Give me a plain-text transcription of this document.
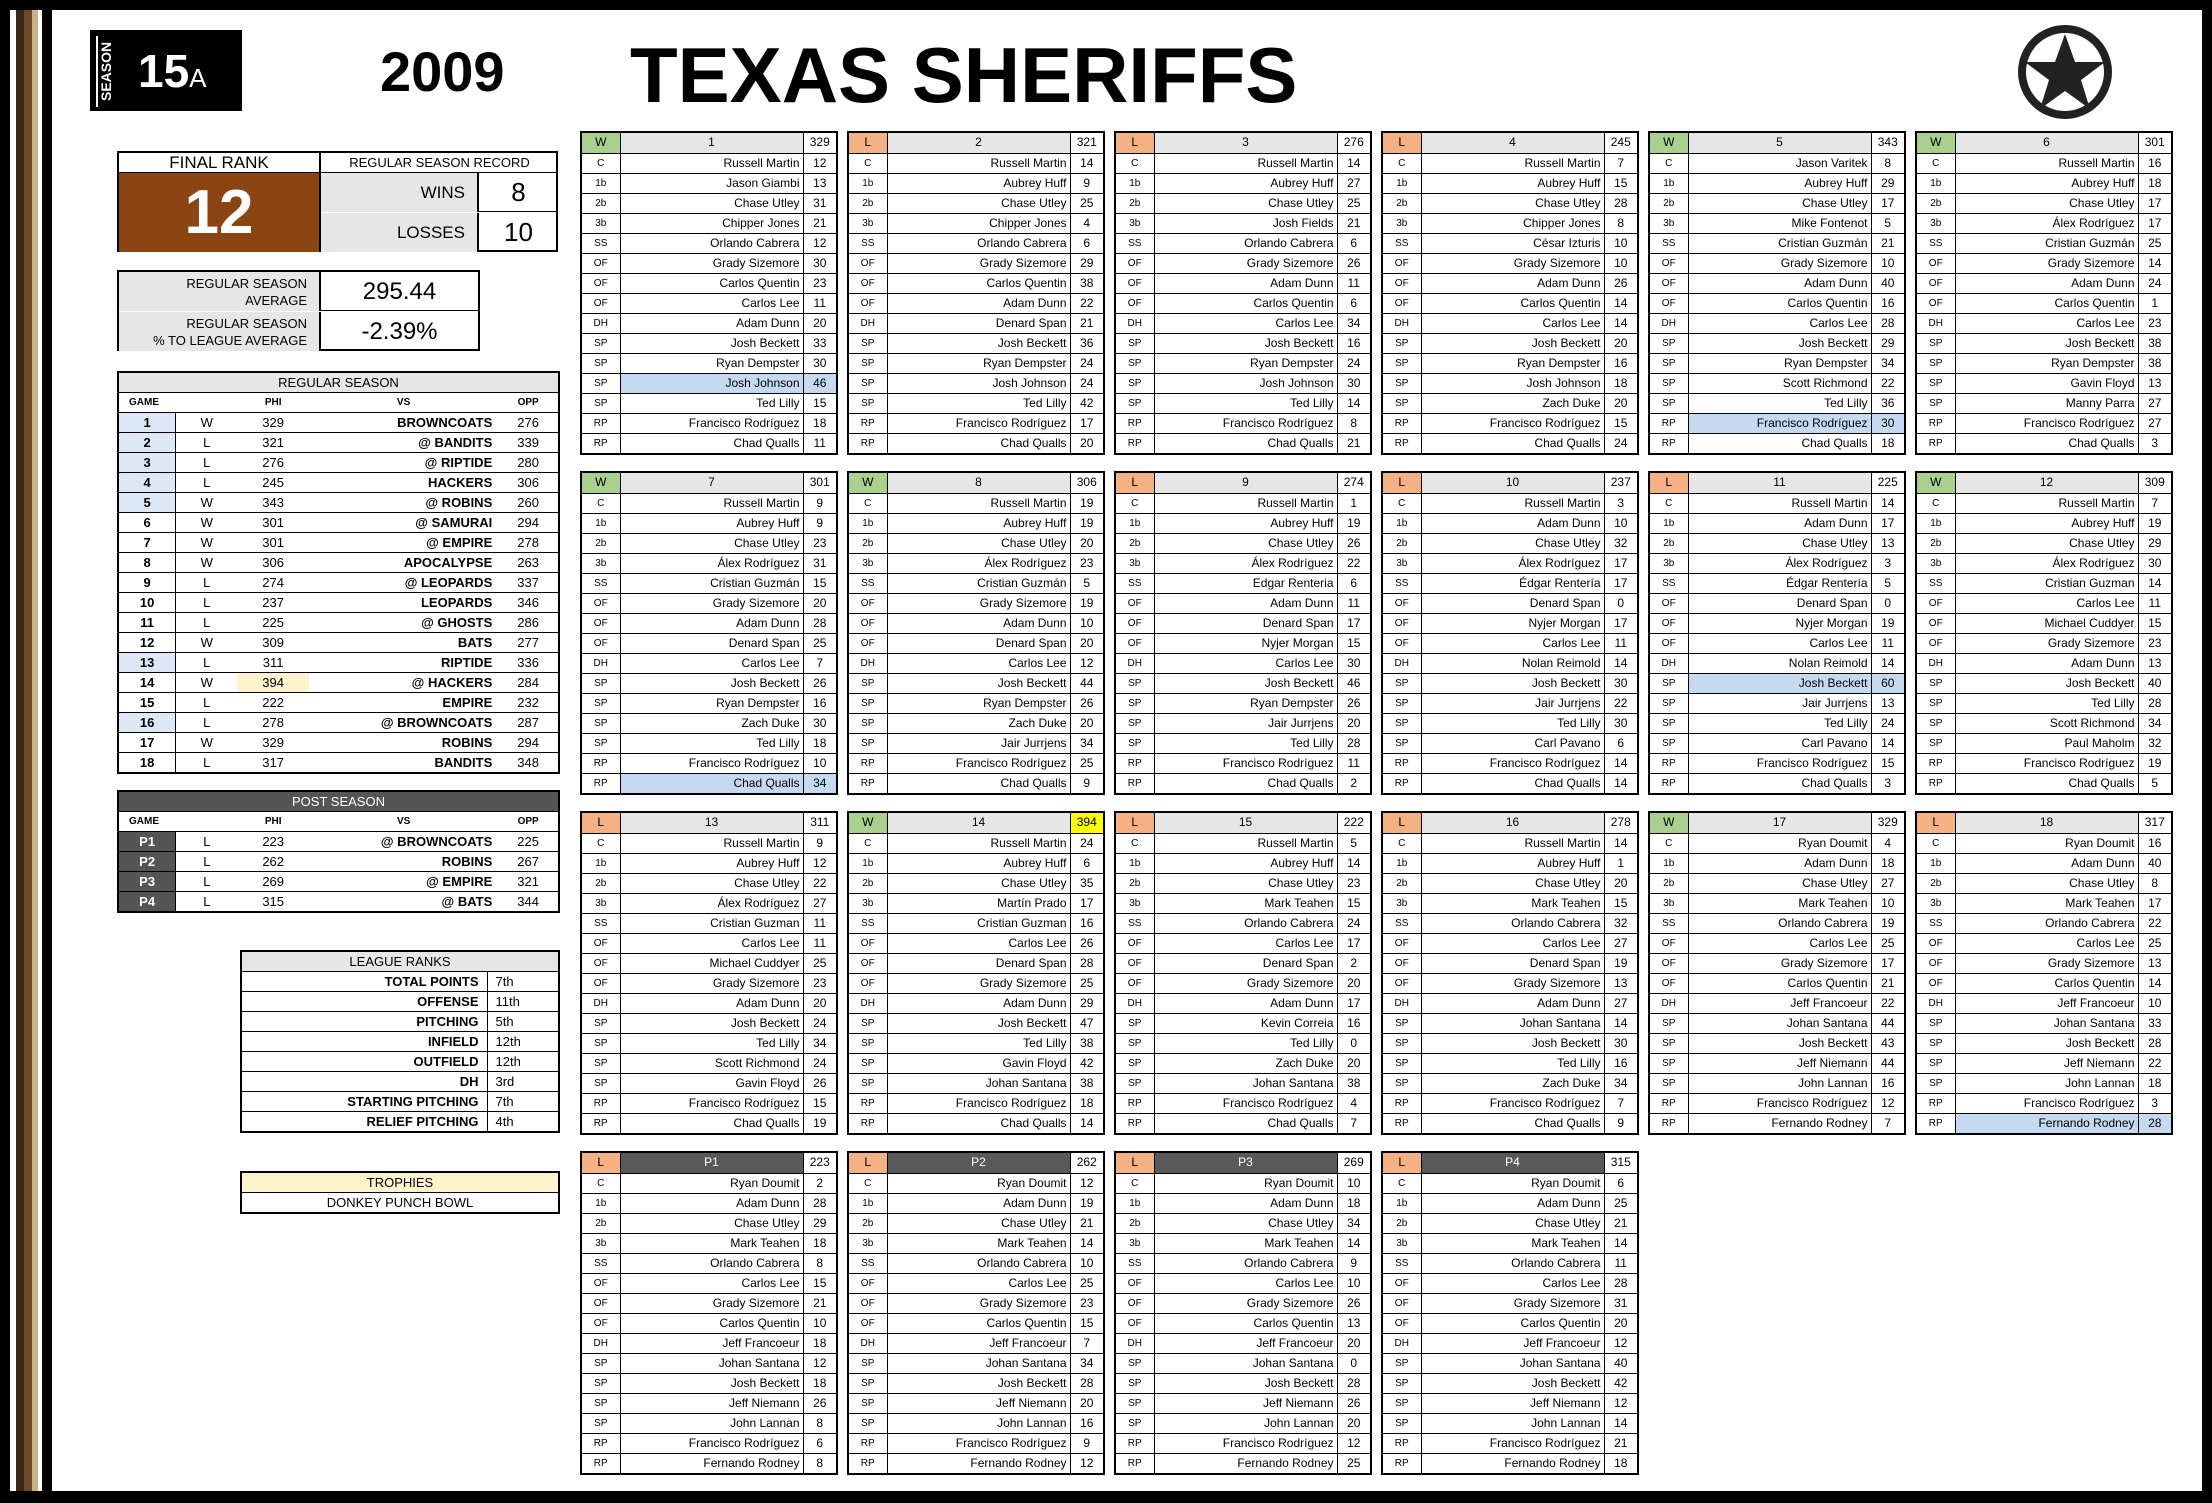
SEASON 15A	2009 TEXAS SHERIFFS
FINAL RANK
12
REGULAR SEASON RECORD
WINS	8
LOSSES	10
REGULAR SEASON
AVERAGE	295.44
REGULAR SEASON
% TO LEAGUE AVERAGE	-2.39%
REGULAR SEASON				
GAME		PHI	VS	OPP
1	W	329	BROWNCOATS	276
2	L	321	@ BANDITS	339
3	L	276	@ RIPTIDE	280
4	L	245	HACKERS	306
5	W	343	@ ROBINS	260
6	W	301	@ SAMURAI	294
7	W	301	@ EMPIRE	278
8	W	306	APOCALYPSE	263
9	L	274	@ LEOPARDS	337
10	L	237	LEOPARDS	346
11	L	225	@ GHOSTS	286
12	W	309	BATS	277
13	L	311	RIPTIDE	336
14	W	394	@ HACKERS	284
15	L	222	EMPIRE	232
16	L	278	@ BROWNCOATS	287
17	W	329	ROBINS	294
18	L	317	BANDITS	348
POST SEASON				
GAME		PHI	VS	OPP
P1	L	223	@ BROWNCOATS	225
P2	L	262	ROBINS	267
P3	L	269	@ EMPIRE	321
P4	L	315	@ BATS	344
LEAGUE RANKS	
TOTAL POINTS	7th
OFFENSE	11th
PITCHING	5th
INFIELD	12th
OUTFIELD	12th
DH	3rd
STARTING PITCHING	7th
RELIEF PITCHING	4th
TROPHIES
DONKEY PUNCH BOWL
W	1	329
C	Russell Martin	12
1b	Jason Giambi	13
2b	Chase Utley	31
3b	Chipper Jones	21
SS	Orlando Cabrera	12
OF	Grady Sizemore	30
OF	Carlos Quentin	23
OF	Carlos Lee	11
DH	Adam Dunn	20
SP	Josh Beckett	33
SP	Ryan Dempster	30
SP	Josh Johnson	46
SP	Ted Lilly	15
RP	Francisco Rodríguez	18
RP	Chad Qualls	11
L	2	321
C	Russell Martin	14
1b	Aubrey Huff	9
2b	Chase Utley	25
3b	Chipper Jones	4
SS	Orlando Cabrera	6
OF	Grady Sizemore	29
OF	Carlos Quentin	38
OF	Adam Dunn	22
DH	Denard Span	21
SP	Josh Beckett	36
SP	Ryan Dempster	24
SP	Josh Johnson	24
SP	Ted Lilly	42
RP	Francisco Rodríguez	17
RP	Chad Qualls	20
L	3	276
C	Russell Martin	14
1b	Aubrey Huff	27
2b	Chase Utley	25
3b	Josh Fields	21
SS	Orlando Cabrera	6
OF	Grady Sizemore	26
OF	Adam Dunn	11
OF	Carlos Quentin	6
DH	Carlos Lee	34
SP	Josh Beckett	16
SP	Ryan Dempster	24
SP	Josh Johnson	30
SP	Ted Lilly	14
RP	Francisco Rodríguez	8
RP	Chad Qualls	21
L	4	245
C	Russell Martin	7
1b	Aubrey Huff	15
2b	Chase Utley	28
3b	Chipper Jones	8
SS	César Izturis	10
OF	Grady Sizemore	10
OF	Adam Dunn	26
OF	Carlos Quentin	14
DH	Carlos Lee	14
SP	Josh Beckett	20
SP	Ryan Dempster	16
SP	Josh Johnson	18
SP	Zach Duke	20
RP	Francisco Rodríguez	15
RP	Chad Qualls	24
W	5	343
C	Jason Varitek	8
1b	Aubrey Huff	29
2b	Chase Utley	17
3b	Mike Fontenot	5
SS	Cristian Guzmán	21
OF	Grady Sizemore	10
OF	Adam Dunn	40
OF	Carlos Quentin	16
DH	Carlos Lee	28
SP	Josh Beckett	29
SP	Ryan Dempster	34
SP	Scott Richmond	22
SP	Ted Lilly	36
RP	Francisco Rodríguez	30
RP	Chad Qualls	18
W	6	301
C	Russell Martin	16
1b	Aubrey Huff	18
2b	Chase Utley	17
3b	Álex Rodríguez	17
SS	Cristian Guzmán	25
OF	Grady Sizemore	14
OF	Adam Dunn	24
OF	Carlos Quentin	1
DH	Carlos Lee	23
SP	Josh Beckett	38
SP	Ryan Dempster	38
SP	Gavin Floyd	13
SP	Manny Parra	27
RP	Francisco Rodríguez	27
RP	Chad Qualls	3
W	7	301
C	Russell Martin	9
1b	Aubrey Huff	9
2b	Chase Utley	23
3b	Álex Rodríguez	31
SS	Cristian Guzmán	15
OF	Grady Sizemore	20
OF	Adam Dunn	28
OF	Denard Span	25
DH	Carlos Lee	7
SP	Josh Beckett	26
SP	Ryan Dempster	16
SP	Zach Duke	30
SP	Ted Lilly	18
RP	Francisco Rodríguez	10
RP	Chad Qualls	34
W	8	306
C	Russell Martin	19
1b	Aubrey Huff	19
2b	Chase Utley	20
3b	Álex Rodríguez	23
SS	Cristian Guzmán	5
OF	Grady Sizemore	19
OF	Adam Dunn	10
OF	Denard Span	20
DH	Carlos Lee	12
SP	Josh Beckett	44
SP	Ryan Dempster	26
SP	Zach Duke	20
SP	Jair Jurrjens	34
RP	Francisco Rodríguez	25
RP	Chad Qualls	9
L	9	274
C	Russell Martin	1
1b	Aubrey Huff	19
2b	Chase Utley	26
3b	Álex Rodríguez	22
SS	Edgar Renteria	6
OF	Adam Dunn	11
OF	Denard Span	17
OF	Nyjer Morgan	15
DH	Carlos Lee	30
SP	Josh Beckett	46
SP	Ryan Dempster	26
SP	Jair Jurrjens	20
SP	Ted Lilly	28
RP	Francisco Rodríguez	11
RP	Chad Qualls	2
L	10	237
C	Russell Martin	3
1b	Adam Dunn	10
2b	Chase Utley	32
3b	Álex Rodríguez	17
SS	Édgar Rentería	17
OF	Denard Span	0
OF	Nyjer Morgan	17
OF	Carlos Lee	11
DH	Nolan Reimold	14
SP	Josh Beckett	30
SP	Jair Jurrjens	22
SP	Ted Lilly	30
SP	Carl Pavano	6
RP	Francisco Rodríguez	14
RP	Chad Qualls	14
L	11	225
C	Russell Martin	14
1b	Adam Dunn	17
2b	Chase Utley	13
3b	Álex Rodríguez	3
SS	Édgar Rentería	5
OF	Denard Span	0
OF	Nyjer Morgan	19
OF	Carlos Lee	11
DH	Nolan Reimold	14
SP	Josh Beckett	60
SP	Jair Jurrjens	13
SP	Ted Lilly	24
SP	Carl Pavano	14
RP	Francisco Rodríguez	15
RP	Chad Qualls	3
W	12	309
C	Russell Martin	7
1b	Aubrey Huff	19
2b	Chase Utley	29
3b	Álex Rodríguez	30
SS	Cristian Guzman	14
OF	Carlos Lee	11
OF	Michael Cuddyer	15
OF	Grady Sizemore	23
DH	Adam Dunn	13
SP	Josh Beckett	40
SP	Ted Lilly	28
SP	Scott Richmond	34
SP	Paul Maholm	32
RP	Francisco Rodríguez	19
RP	Chad Qualls	5
L	13	311
C	Russell Martin	9
1b	Aubrey Huff	12
2b	Chase Utley	22
3b	Álex Rodríguez	27
SS	Cristian Guzman	11
OF	Carlos Lee	11
OF	Michael Cuddyer	25
OF	Grady Sizemore	23
DH	Adam Dunn	20
SP	Josh Beckett	24
SP	Ted Lilly	34
SP	Scott Richmond	24
SP	Gavin Floyd	26
RP	Francisco Rodríguez	15
RP	Chad Qualls	19
W	14	394
C	Russell Martin	24
1b	Aubrey Huff	6
2b	Chase Utley	35
3b	Martín Prado	17
SS	Cristian Guzman	16
OF	Carlos Lee	26
OF	Denard Span	28
OF	Grady Sizemore	25
DH	Adam Dunn	29
SP	Josh Beckett	47
SP	Ted Lilly	38
SP	Gavin Floyd	42
SP	Johan Santana	38
RP	Francisco Rodríguez	18
RP	Chad Qualls	14
L	15	222
C	Russell Martin	5
1b	Aubrey Huff	14
2b	Chase Utley	23
3b	Mark Teahen	15
SS	Orlando Cabrera	24
OF	Carlos Lee	17
OF	Denard Span	2
OF	Grady Sizemore	20
DH	Adam Dunn	17
SP	Kevin Correia	16
SP	Ted Lilly	0
SP	Zach Duke	20
SP	Johan Santana	38
RP	Francisco Rodríguez	4
RP	Chad Qualls	7
L	16	278
C	Russell Martin	14
1b	Aubrey Huff	1
2b	Chase Utley	20
3b	Mark Teahen	15
SS	Orlando Cabrera	32
OF	Carlos Lee	27
OF	Denard Span	19
OF	Grady Sizemore	13
DH	Adam Dunn	27
SP	Johan Santana	14
SP	Josh Beckett	30
SP	Ted Lilly	16
SP	Zach Duke	34
RP	Francisco Rodríguez	7
RP	Chad Qualls	9
W	17	329
C	Ryan Doumit	4
1b	Adam Dunn	18
2b	Chase Utley	27
3b	Mark Teahen	10
SS	Orlando Cabrera	19
OF	Carlos Lee	25
OF	Grady Sizemore	17
OF	Carlos Quentin	21
DH	Jeff Francoeur	22
SP	Johan Santana	44
SP	Josh Beckett	43
SP	Jeff Niemann	44
SP	John Lannan	16
RP	Francisco Rodríguez	12
RP	Fernando Rodney	7
L	18	317
C	Ryan Doumit	16
1b	Adam Dunn	40
2b	Chase Utley	8
3b	Mark Teahen	17
SS	Orlando Cabrera	22
OF	Carlos Lee	25
OF	Grady Sizemore	13
OF	Carlos Quentin	14
DH	Jeff Francoeur	10
SP	Johan Santana	33
SP	Josh Beckett	28
SP	Jeff Niemann	22
SP	John Lannan	18
RP	Francisco Rodríguez	3
RP	Fernando Rodney	28
L	P1	223
C	Ryan Doumit	2
1b	Adam Dunn	28
2b	Chase Utley	29
3b	Mark Teahen	18
SS	Orlando Cabrera	8
OF	Carlos Lee	15
OF	Grady Sizemore	21
OF	Carlos Quentin	10
DH	Jeff Francoeur	18
SP	Johan Santana	12
SP	Josh Beckett	18
SP	Jeff Niemann	26
SP	John Lannan	8
RP	Francisco Rodríguez	6
RP	Fernando Rodney	8
L	P2	262
C	Ryan Doumit	12
1b	Adam Dunn	19
2b	Chase Utley	21
3b	Mark Teahen	14
SS	Orlando Cabrera	10
OF	Carlos Lee	25
OF	Grady Sizemore	23
OF	Carlos Quentin	15
DH	Jeff Francoeur	7
SP	Johan Santana	34
SP	Josh Beckett	28
SP	Jeff Niemann	20
SP	John Lannan	16
RP	Francisco Rodríguez	9
RP	Fernando Rodney	12
L	P3	269
C	Ryan Doumit	10
1b	Adam Dunn	18
2b	Chase Utley	34
3b	Mark Teahen	14
SS	Orlando Cabrera	9
OF	Carlos Lee	10
OF	Grady Sizemore	26
OF	Carlos Quentin	13
DH	Jeff Francoeur	20
SP	Johan Santana	0
SP	Josh Beckett	28
SP	Jeff Niemann	26
SP	John Lannan	20
RP	Francisco Rodríguez	12
RP	Fernando Rodney	25
L	P4	315
C	Ryan Doumit	6
1b	Adam Dunn	25
2b	Chase Utley	21
3b	Mark Teahen	14
SS	Orlando Cabrera	11
OF	Carlos Lee	28
OF	Grady Sizemore	31
OF	Carlos Quentin	20
DH	Jeff Francoeur	12
SP	Johan Santana	40
SP	Josh Beckett	42
SP	Jeff Niemann	12
SP	John Lannan	14
RP	Francisco Rodríguez	21
RP	Fernando Rodney	18
